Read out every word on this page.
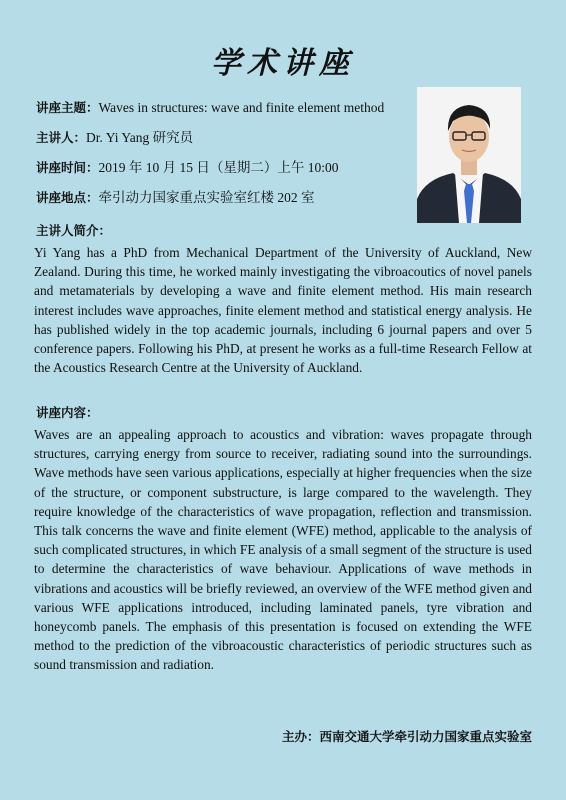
学术讲座
讲座主题：Waves in structures: wave and finite element method
主讲人：Dr. Yi Yang 研究员
讲座时间：2019 年 10 月 15 日（星期二）上午 10:00
讲座地点：牵引动力国家重点实验室红楼 202 室
主讲人简介：

Yi Yang has a PhD from Mechanical Department of the University of Auckland, New Zealand. During this time, he worked mainly investigating the vibroacoutics of novel panels and metamaterials by developing a wave and finite element method. His main research interest includes wave approaches, finite element method and statistical energy analysis. He has published widely in the top academic journals, including 6 journal papers and over 5 conference papers. Following his PhD, at present he works as a full-time Research Fellow at the Acoustics Research Centre at the University of Auckland.

讲座内容：

Waves are an appealing approach to acoustics and vibration: waves propagate through structures, carrying energy from source to receiver, radiating sound into the surroundings. Wave methods have seen various applications, especially at higher frequencies when the size of the structure, or component substructure, is large compared to the wavelength. They require knowledge of the characteristics of wave propagation, reflection and transmission. This talk concerns the wave and finite element (WFE) method, applicable to the analysis of such complicated structures, in which FE analysis of a small segment of the structure is used to determine the characteristics of wave behaviour. Applications of wave methods in vibrations and acoustics will be briefly reviewed, an overview of the WFE method given and various WFE applications introduced, including laminated panels, tyre vibration and honeycomb panels. The emphasis of this presentation is focused on extending the WFE method to the prediction of the vibroacoustic characteristics of periodic structures such as sound transmission and radiation.

主办：西南交通大学牵引动力国家重点实验室
